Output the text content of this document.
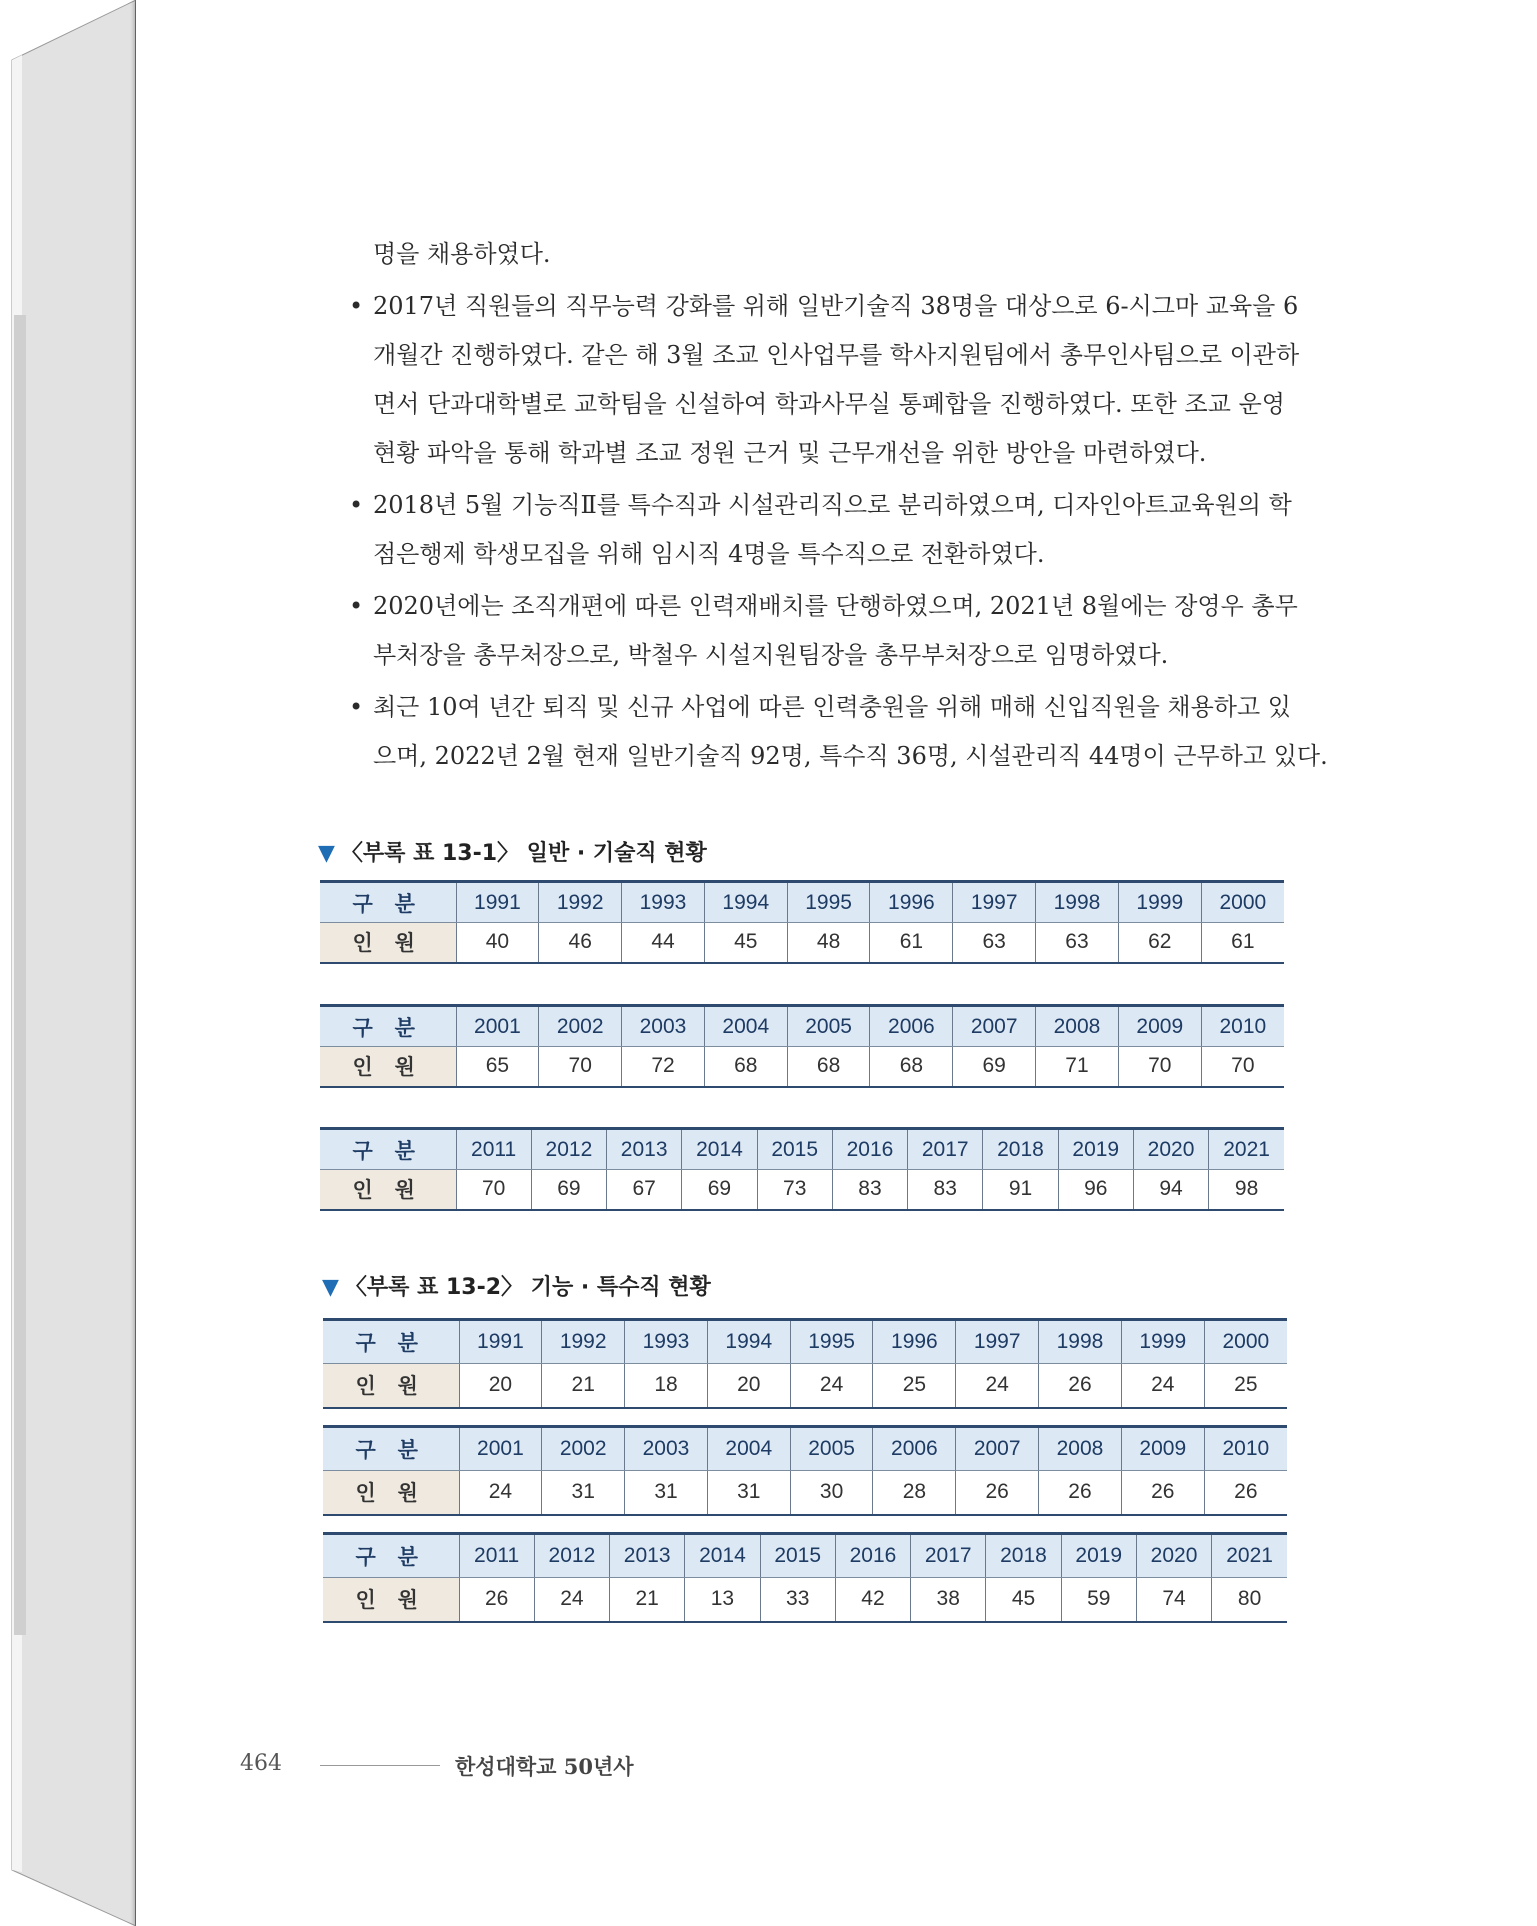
명을 채용하였다.
• 2017년 직원들의 직무능력 강화를 위해 일반기술직 38명을 대상으로 6-시그마 교육을 6
개월간 진행하였다. 같은 해 3월 조교 인사업무를 학사지원팀에서 총무인사팀으로 이관하
면서 단과대학별로 교학팀을 신설하여 학과사무실 통폐합을 진행하였다. 또한 조교 운영
현황 파악을 통해 학과별 조교 정원 근거 및 근무개선을 위한 방안을 마련하였다.
• 2018년 5월 기능직Ⅱ를 특수직과 시설관리직으로 분리하였으며, 디자인아트교육원의 학
점은행제 학생모집을 위해 임시직 4명을 특수직으로 전환하였다.
• 2020년에는 조직개편에 따른 인력재배치를 단행하였으며, 2021년 8월에는 장영우 총무
부처장을 총무처장으로, 박철우 시설지원팀장을 총무부처장으로 임명하였다.
• 최근 10여 년간 퇴직 및 신규 사업에 따른 인력충원을 위해 매해 신입직원을 채용하고 있
으며, 2022년 2월 현재 일반기술직 92명, 특수직 36명, 시설관리직 44명이 근무하고 있다.
▼ 〈부록 표 13-1〉 일반 · 기술직 현황
구 분	1991	1992	1993	1994	1995	1996	1997	1998	1999	2000
인 원	40	46	44	45	48	61	63	63	62	61
구 분	2001	2002	2003	2004	2005	2006	2007	2008	2009	2010
인 원	65	70	72	68	68	68	69	71	70	70
구 분	2011	2012	2013	2014	2015	2016	2017	2018	2019	2020	2021
인 원	70	69	67	69	73	83	83	91	96	94	98
▼ 〈부록 표 13-2〉 기능 · 특수직 현황
구 분	1991	1992	1993	1994	1995	1996	1997	1998	1999	2000
인 원	20	21	18	20	24	25	24	26	24	25
구 분	2001	2002	2003	2004	2005	2006	2007	2008	2009	2010
인 원	24	31	31	31	30	28	26	26	26	26
구 분	2011	2012	2013	2014	2015	2016	2017	2018	2019	2020	2021
인 원	26	24	21	13	33	42	38	45	59	74	80
464	한성대학교 50년사
